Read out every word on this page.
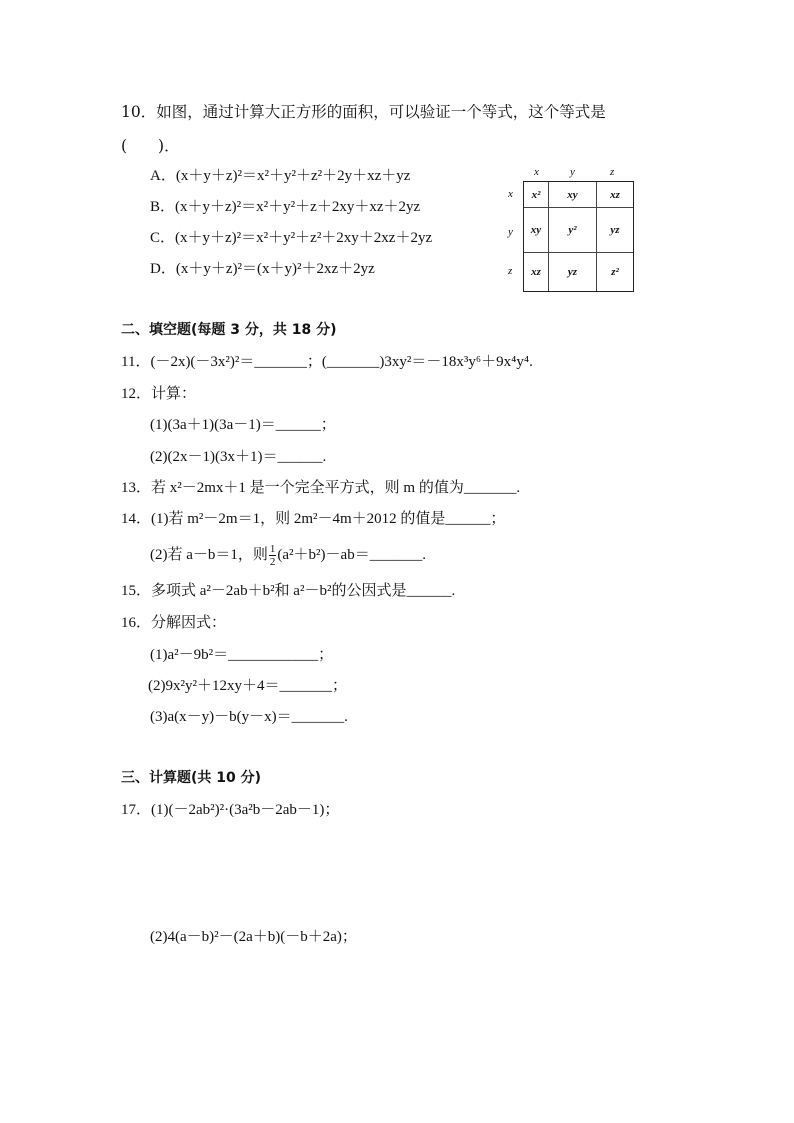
10．如图，通过计算大正方形的面积，可以验证一个等式，这个等式是
(　　)．
A．(x＋y＋z)²＝x²＋y²＋z²＋2y＋xz＋yz
B．(x＋y＋z)²＝x²＋y²＋z＋2xy＋xz＋2yz
C．(x＋y＋z)²＝x²＋y²＋z²＋2xy＋2xz＋2yz
D．(x＋y＋z)²＝(x＋y)²＋2xz＋2yz
x	y	z
x
y
z
x²	xy	xz
xy	y²	yz
xz	yz	z²
二、填空题(每题 3 分，共 18 分)
11．(－2x)(－3x²)²＝_______；(_______)3xy²＝－18x³y⁶＋9x⁴y⁴.
12．计算：
(1)(3a＋1)(3a－1)＝______；
(2)(2x－1)(3x＋1)＝______.
13．若 x²－2mx＋1 是一个完全平方式，则 m 的值为_______.
14．(1)若 m²－2m＝1，则 2m²－4m＋2012 的值是______；
(2)若 a－b＝1，则 $\frac{1}{2}$ (a²＋b²)－ab＝_______.
15．多项式 a²－2ab＋b²和 a²－b²的公因式是______.
16．分解因式：
(1)a²－9b²＝____________；
(2)9x²y²＋12xy＋4＝_______；
(3)a(x－y)－b(y－x)＝_______.
三、计算题(共 10 分)
17．(1)(－2ab²)²·(3a²b－2ab－1)；
(2)4(a－b)²－(2a＋b)(－b＋2a)；
